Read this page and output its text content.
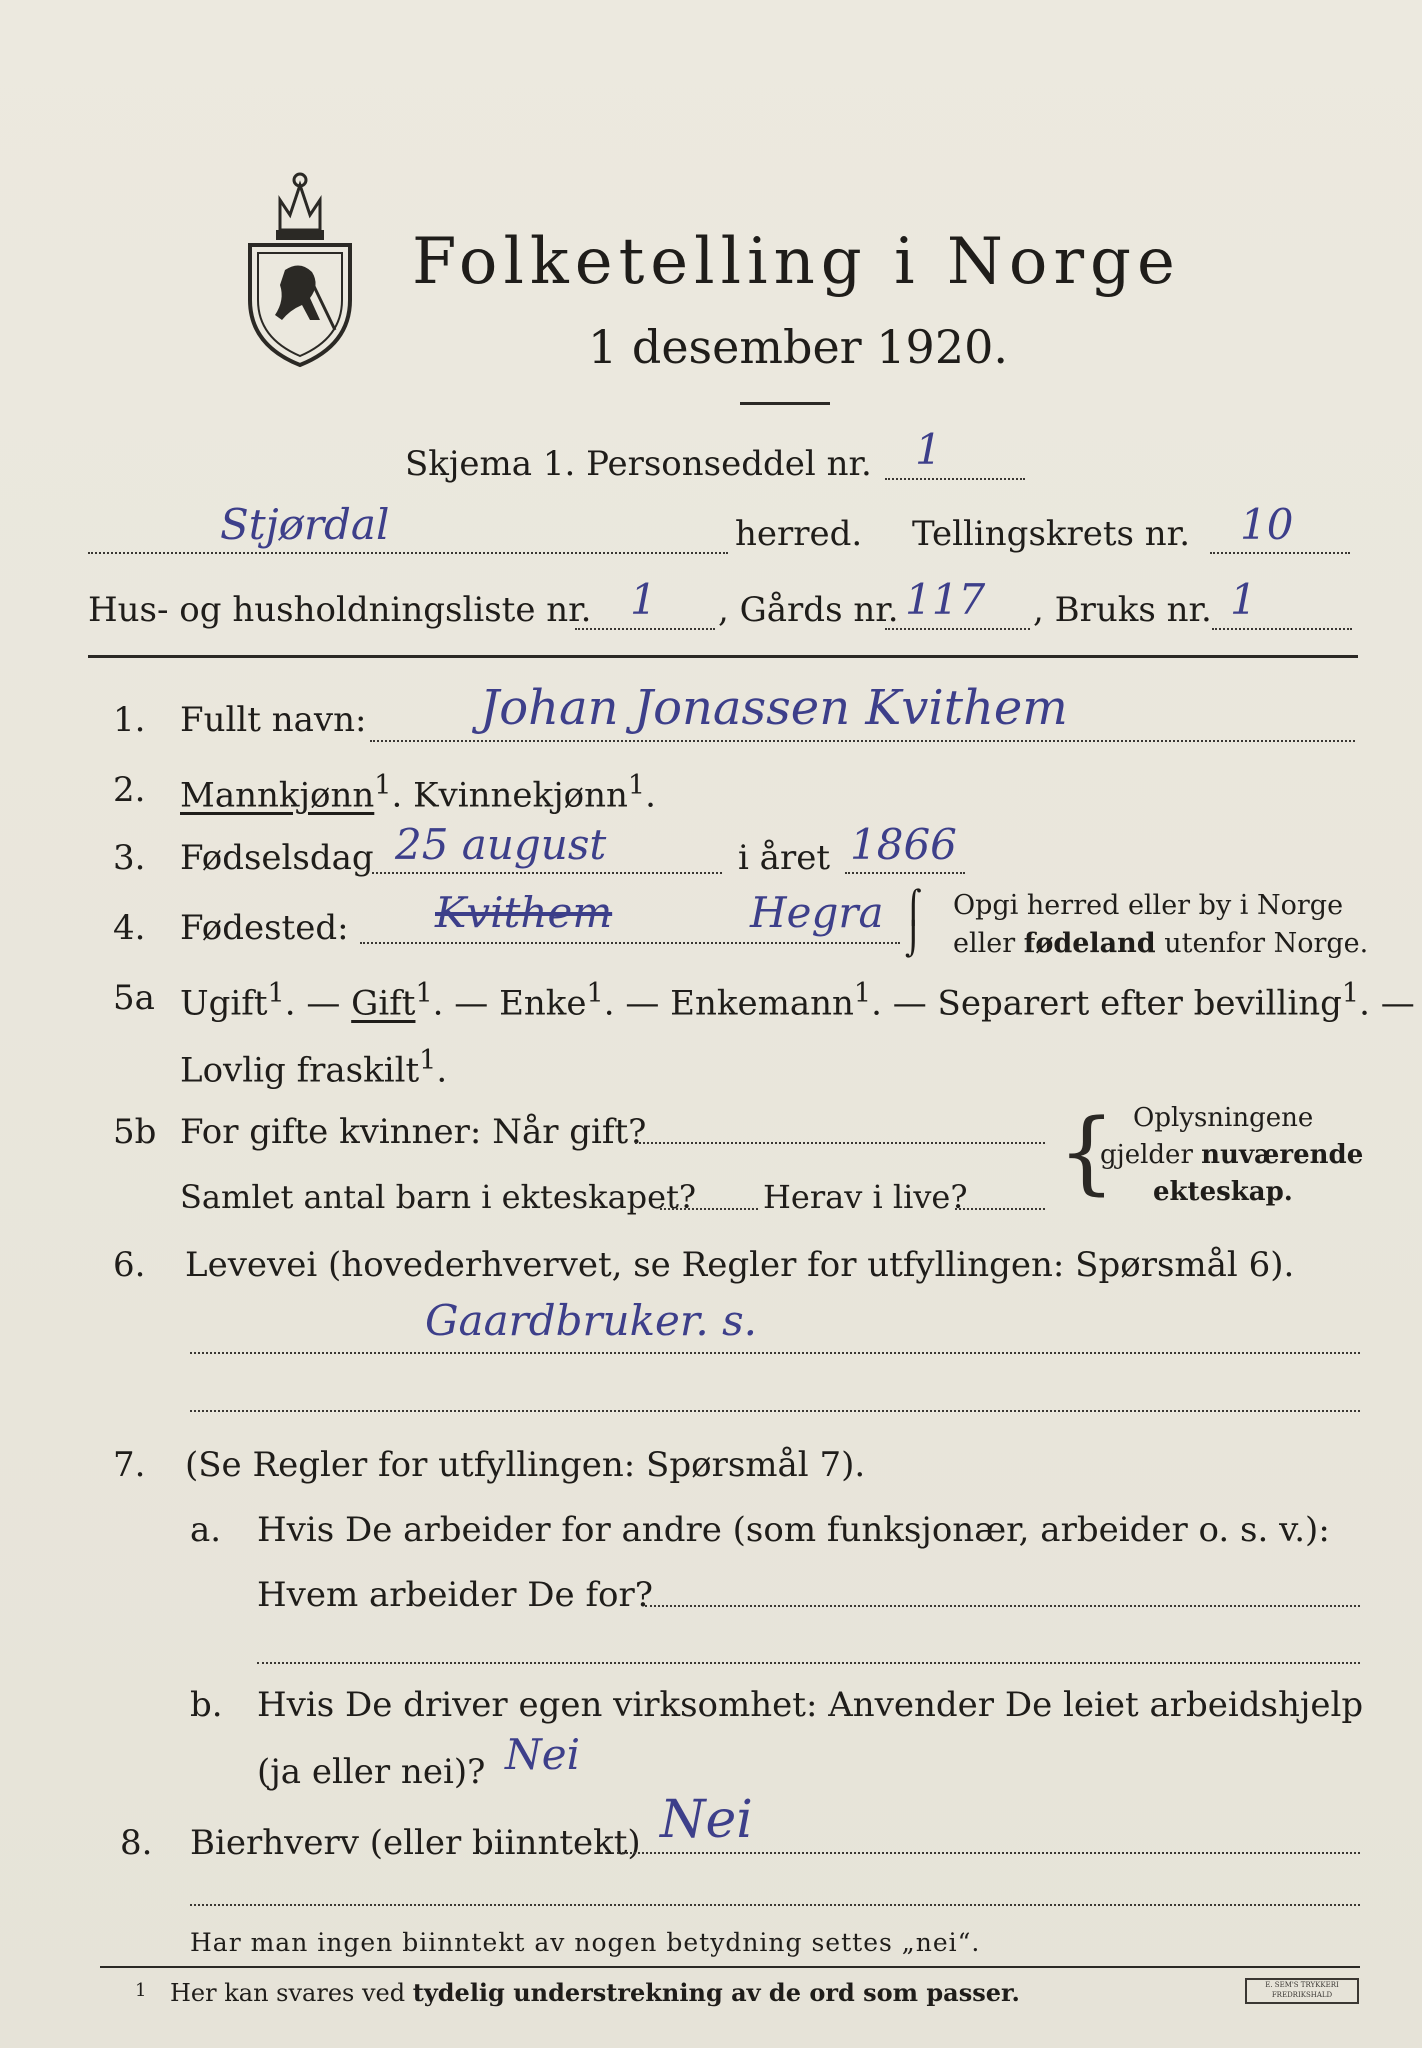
Folketelling i Norge
1 desember 1920.
Skjema 1. Personseddel nr. 1
Stjørdal	herred. Tellingskrets nr. 10
Hus- og husholdningsliste nr. 1 , Gårds nr. 117 , Bruks nr. 1
1. Fullt navn: Johan Jonassen Kvithem
2. Mannkjønn$^1$. Kvinnekjønn$^1$.
3. Fødselsdag 25 august	i året 1866
4. Fødested: Kvithem	Hegra ⌠
⌡
Opgi herred eller by i Norge
eller fødeland utenfor Norge.
5a Ugift$^1$. — Gift$^1$. — Enke$^1$. — Enkemann$^1$. — Separert efter bevilling$^1$. —
Lovlig fraskilt$^1$.
5b For gifte kvinner: Når gift?
Samlet antal barn i ekteskapet? Herav i live? { Oplysningene
gjelder nuværende
ekteskap.
6. Levevei (hovederhvervet, se Regler for utfyllingen: Spørsmål 6).
Gaardbruker. s.
7. (Se Regler for utfyllingen: Spørsmål 7).
a. Hvis De arbeider for andre (som funksjonær, arbeider o. s. v.):
Hvem arbeider De for?
b. Hvis De driver egen virksomhet: Anvender De leiet arbeidshjelp
(ja eller nei)? Nei
8. Bierhverv (eller biinntekt) Nei
Har man ingen biinntekt av nogen betydning settes „nei“.
1 Her kan svares ved tydelig understrekning av de ord som passer.	E. SEM'S TRYKKERI
FREDRIKSHALD
